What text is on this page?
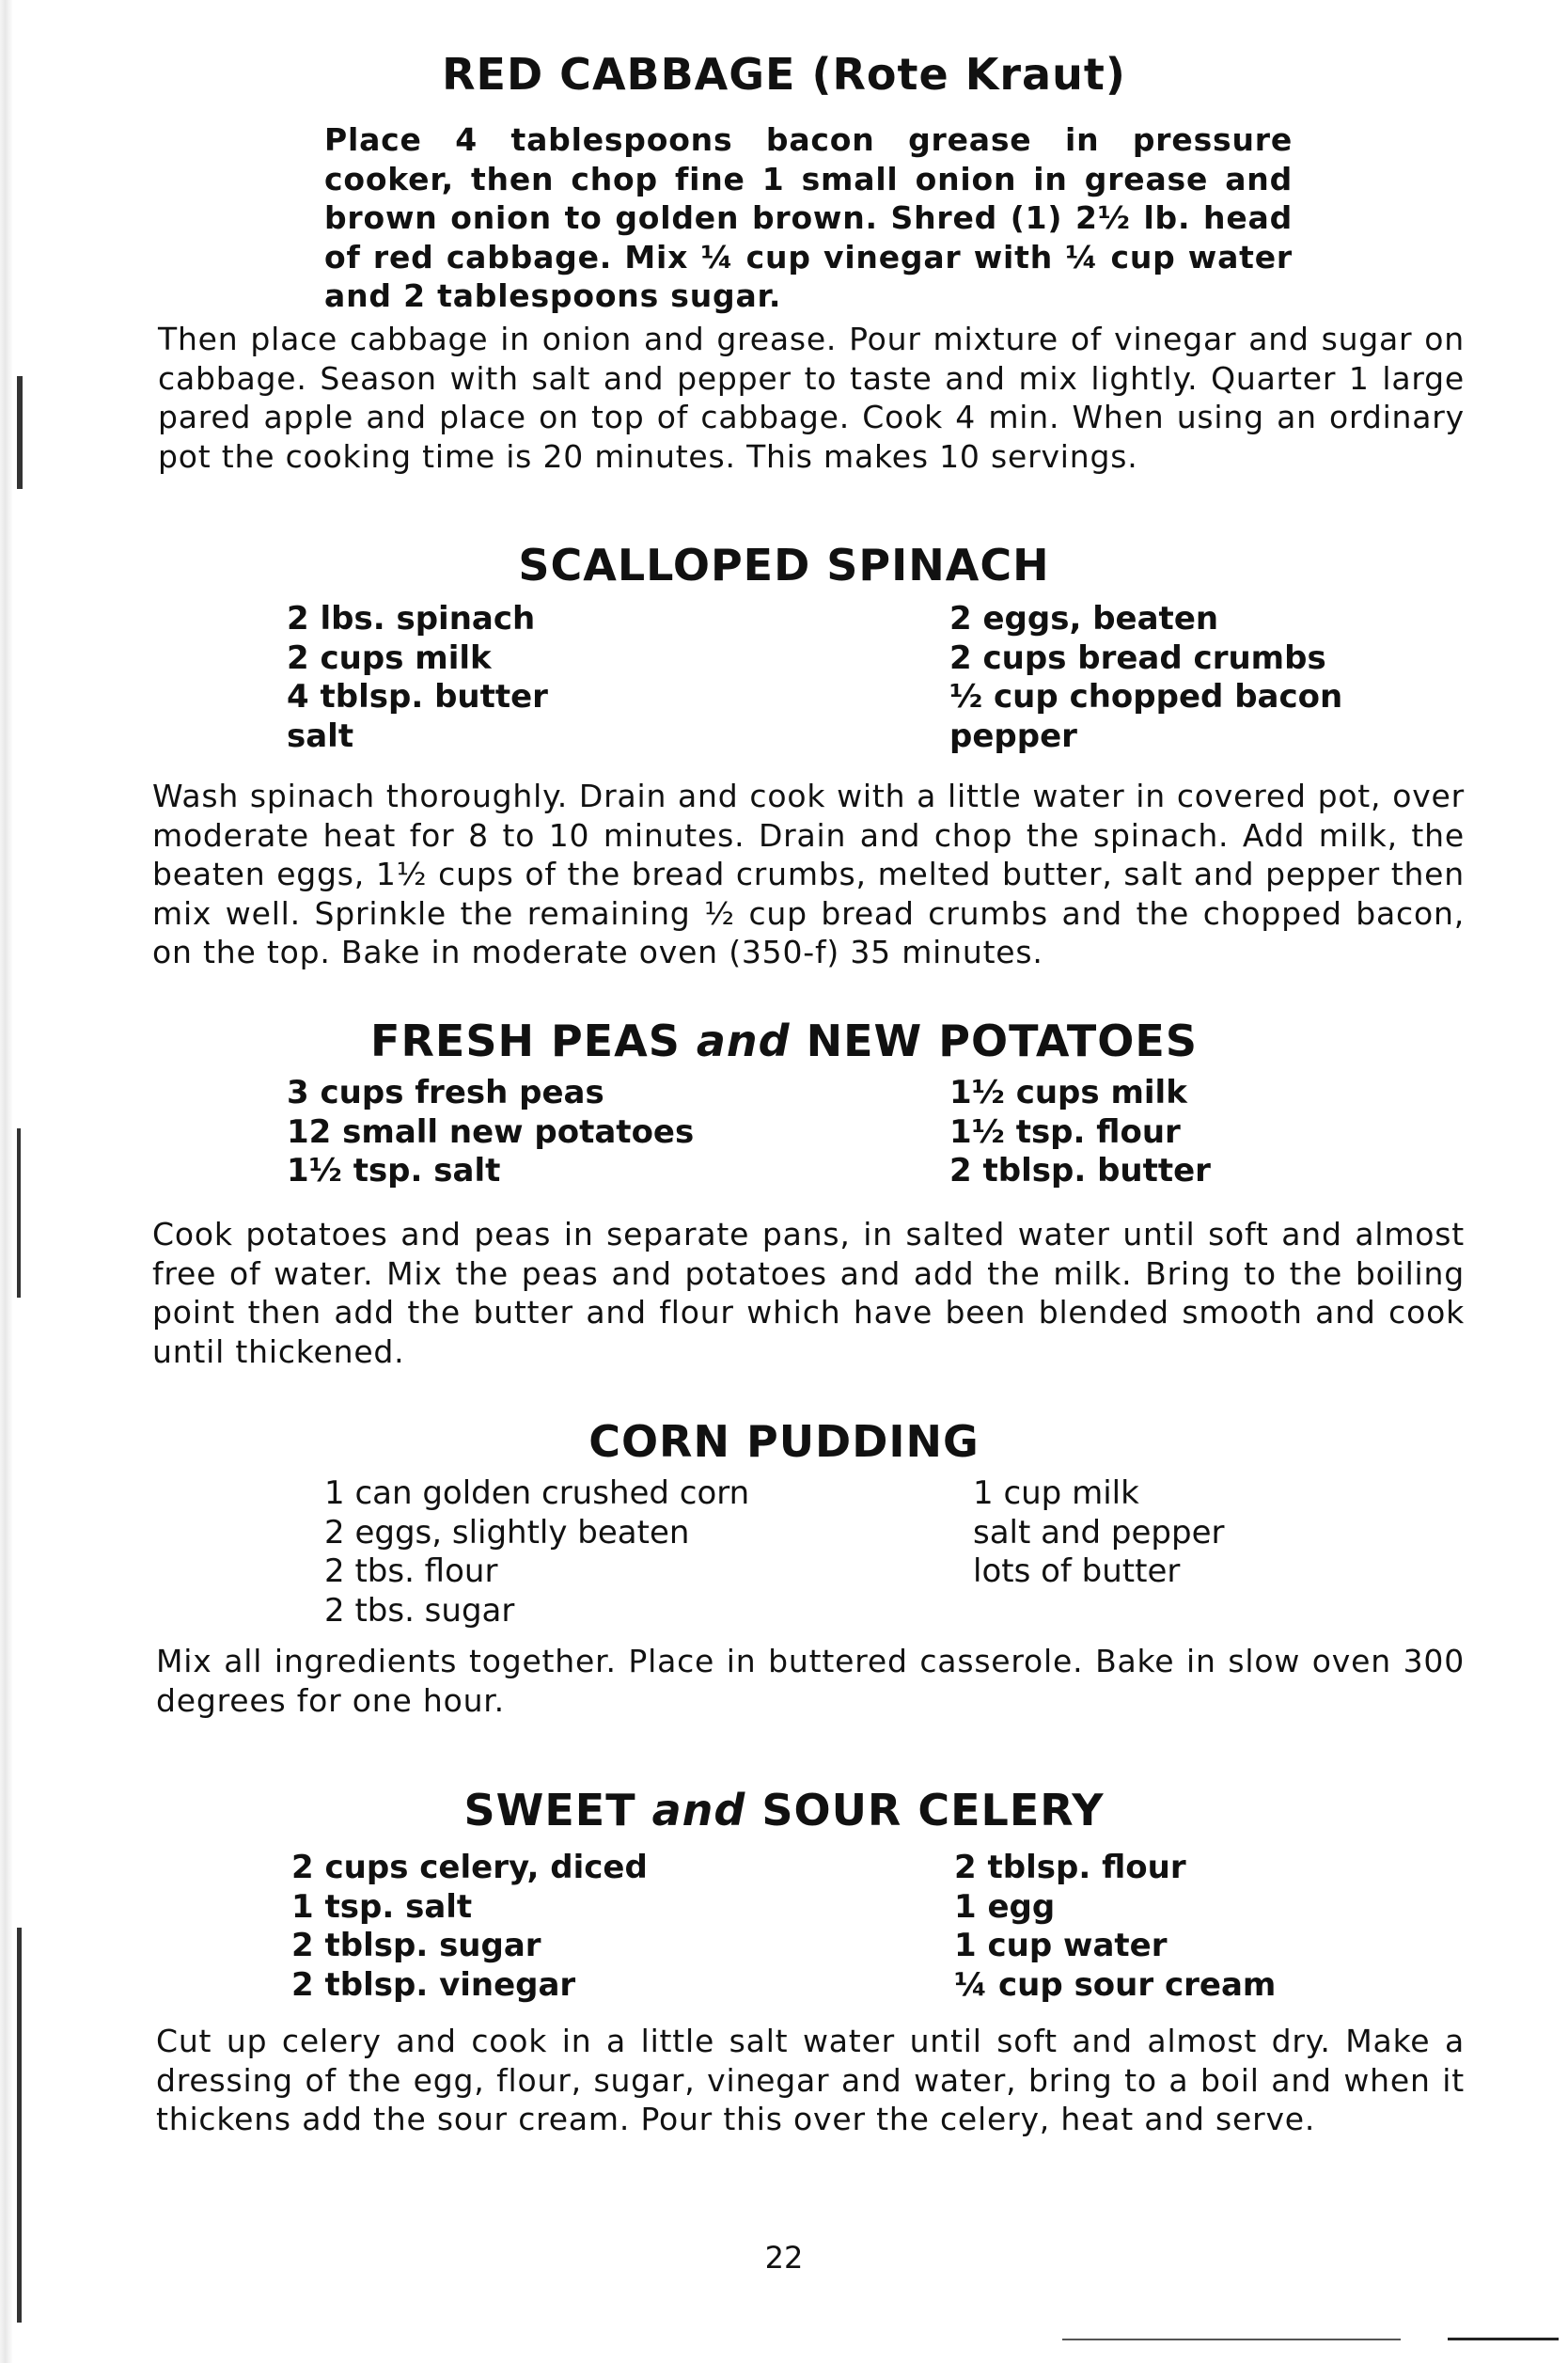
RED CABBAGE (Rote Kraut)

Place 4 tablespoons bacon grease in pressure cooker, then chop fine 1 small onion in grease and brown onion to golden brown. Shred (1) 2½ lb. head of red cabbage. Mix ¼ cup vinegar with ¼ cup water and 2 tablespoons sugar.

Then place cabbage in onion and grease. Pour mixture of vinegar and sugar on cabbage. Season with salt and pepper to taste and mix lightly. Quarter 1 large pared apple and place on top of cabbage. Cook 4 min. When using an ordinary pot the cooking time is 20 minutes. This makes 10 servings.

SCALLOPED SPINACH
2 lbs. spinach
2 cups milk
4 tblsp. butter
salt
2 eggs, beaten
2 cups bread crumbs
½ cup chopped bacon
pepper

Wash spinach thoroughly. Drain and cook with a little water in covered pot, over moderate heat for 8 to 10 minutes. Drain and chop the spinach. Add milk, the beaten eggs, 1½ cups of the bread crumbs, melted butter, salt and pepper then mix well. Sprinkle the remaining ½ cup bread crumbs and the chopped bacon, on the top. Bake in moderate oven (350-f) 35 minutes.

FRESH PEAS and NEW POTATOES
3 cups fresh peas
12 small new potatoes
1½ tsp. salt
1½ cups milk
1½ tsp. flour
2 tblsp. butter

Cook potatoes and peas in separate pans, in salted water until soft and almost free of water. Mix the peas and potatoes and add the milk. Bring to the boiling point then add the butter and flour which have been blended smooth and cook until thickened.

CORN PUDDING
1 can golden crushed corn
2 eggs, slightly beaten
2 tbs. flour
2 tbs. sugar
1 cup milk
salt and pepper
lots of butter

Mix all ingredients together. Place in buttered casserole. Bake in slow oven 300 degrees for one hour.

SWEET and SOUR CELERY
2 cups celery, diced
1 tsp. salt
2 tblsp. sugar
2 tblsp. vinegar
2 tblsp. flour
1 egg
1 cup water
¼ cup sour cream

Cut up celery and cook in a little salt water until soft and almost dry. Make a dressing of the egg, flour, sugar, vinegar and water, bring to a boil and when it thickens add the sour cream. Pour this over the celery, heat and serve.

22
